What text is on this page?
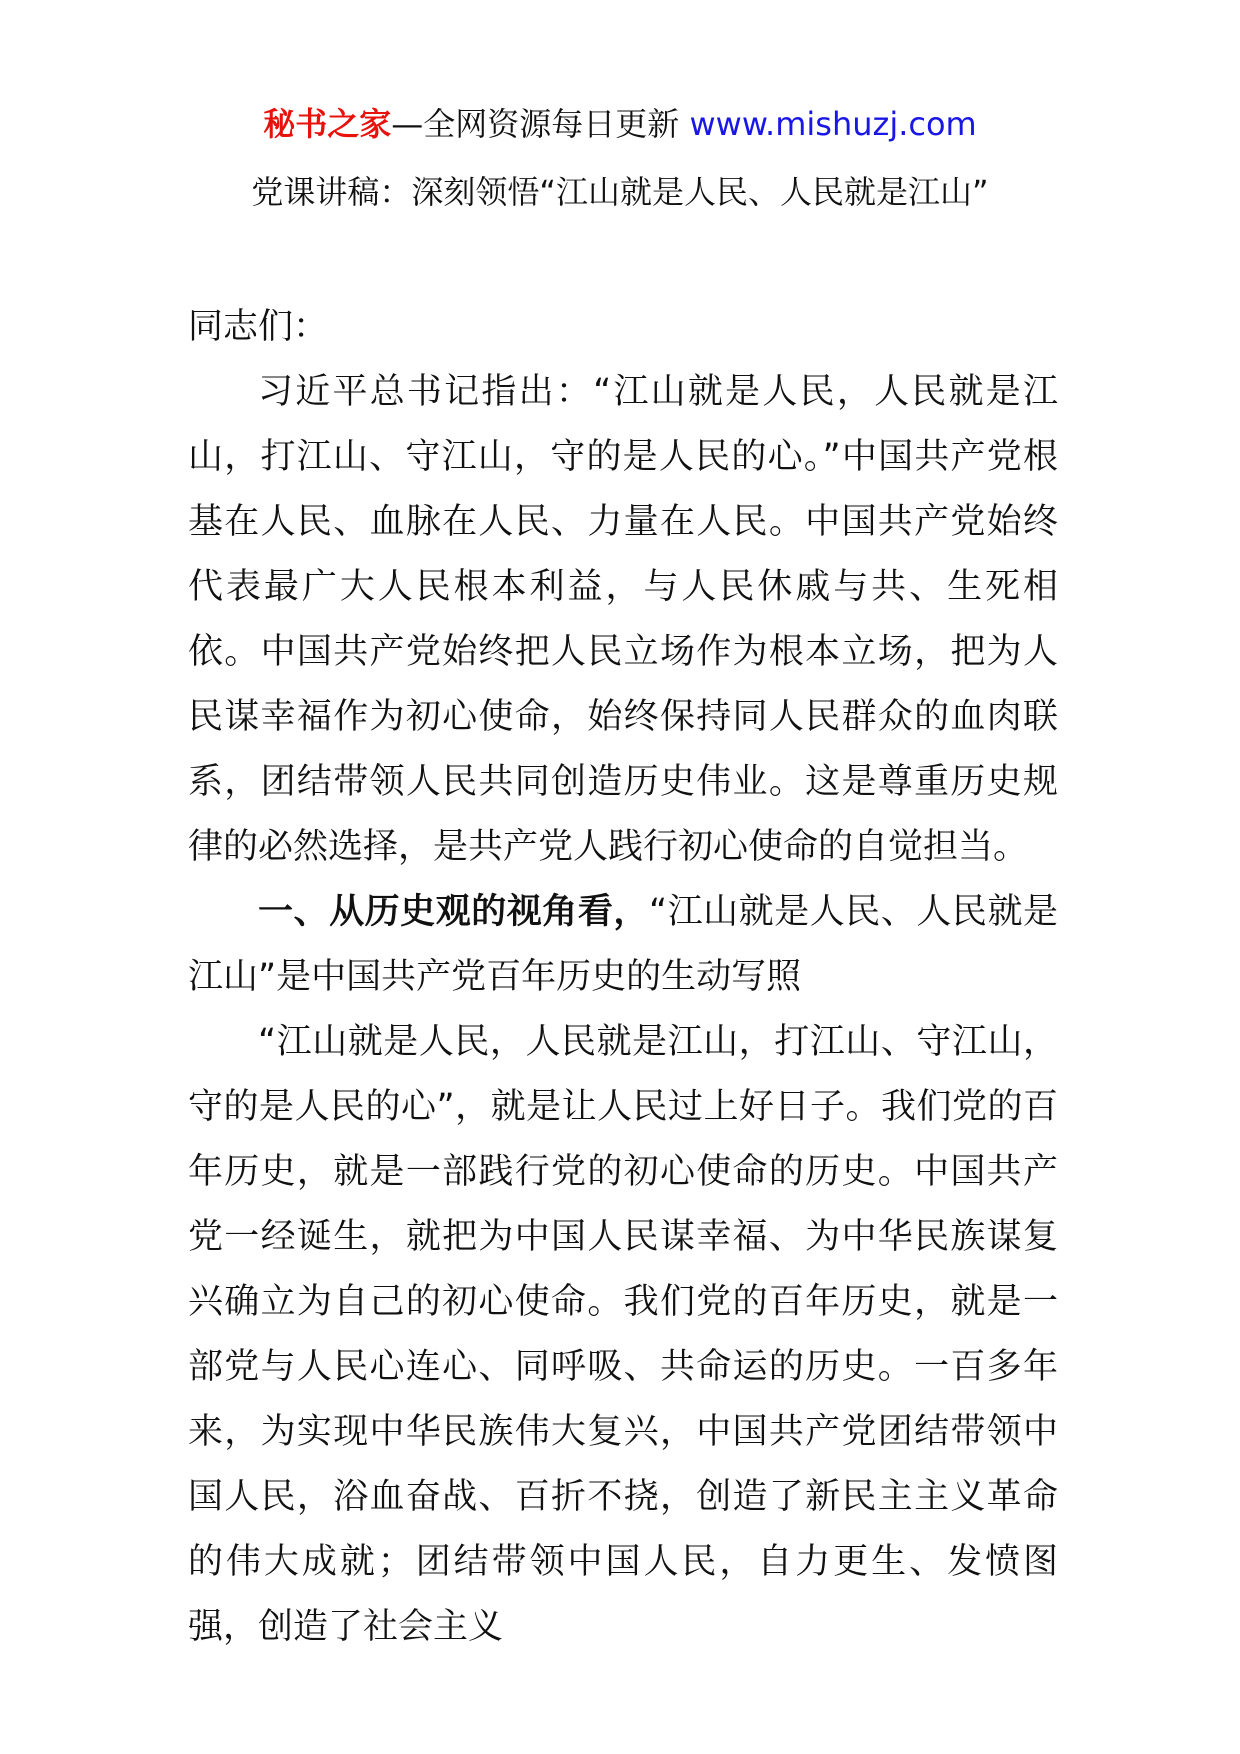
秘书之家—全网资源每日更新 www.mishuzj.com
党课讲稿：深刻领悟“江山就是人民、人民就是江山”

同志们：

习近平总书记指出：“江山就是人民，人民就是江山，打江山、守江山，守的是人民的心。”中国共产党根基在人民、血脉在人民、力量在人民。中国共产党始终代表最广大人民根本利益，与人民休戚与共、生死相依。中国共产党始终把人民立场作为根本立场，把为人民谋幸福作为初心使命，始终保持同人民群众的血肉联系，团结带领人民共同创造历史伟业。这是尊重历史规律的必然选择，是共产党人践行初心使命的自觉担当。

一、从历史观的视角看，“江山就是人民、人民就是江山”是中国共产党百年历史的生动写照

“江山就是人民，人民就是江山，打江山、守江山，守的是人民的心”，就是让人民过上好日子。我们党的百年历史，就是一部践行党的初心使命的历史。中国共产党一经诞生，就把为中国人民谋幸福、为中华民族谋复兴确立为自己的初心使命。我们党的百年历史，就是一部党与人民心连心、同呼吸、共命运的历史。一百多年来，为实现中华民族伟大复兴，中国共产党团结带领中国人民，浴血奋战、百折不挠，创造了新民主主义革命的伟大成就；团结带领中国人民，自力更生、发愤图强，创造了社会主义
